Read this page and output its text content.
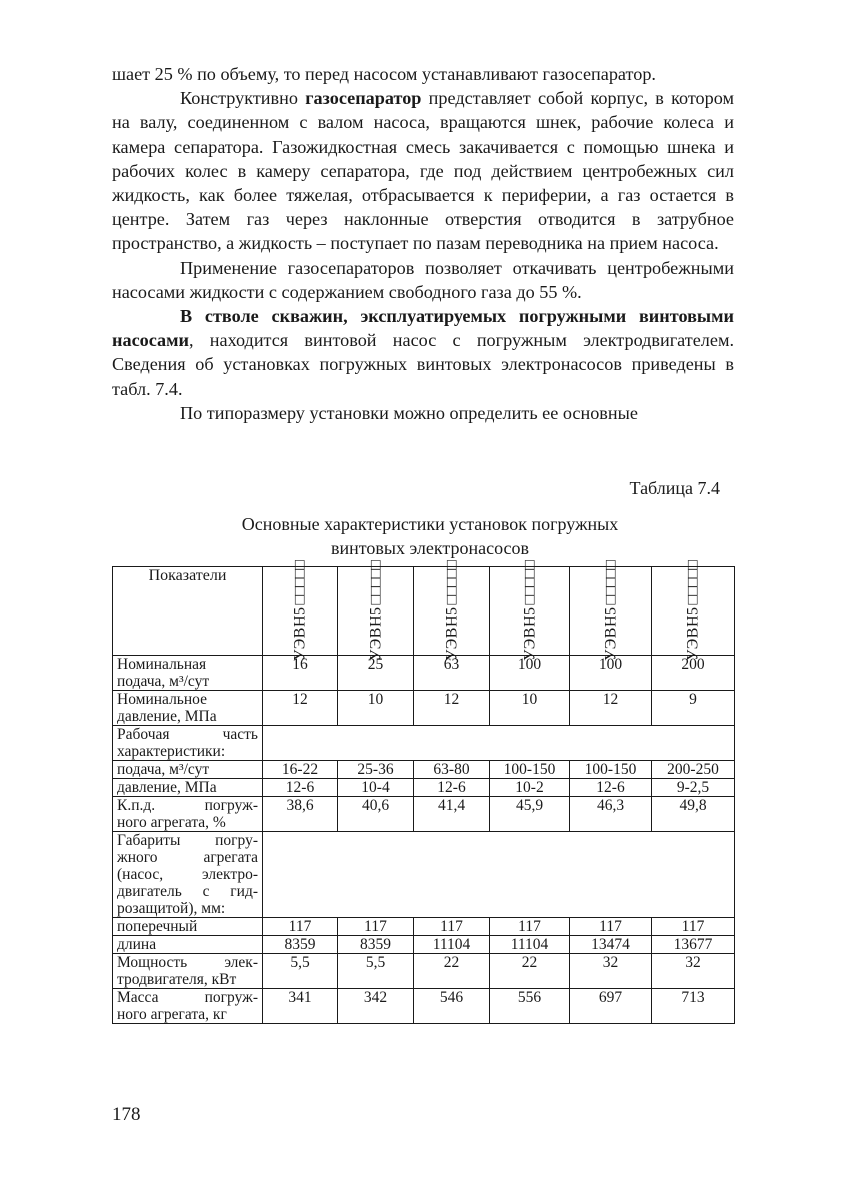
шает 25 % по объему, то перед насосом устанавливают газосепаратор.

Конструктивно газосепаратор представляет собой корпус, в котором на валу, соединенном с валом насоса, вращаются шнек, рабочие колеса и камера сепаратора. Газожидкостная смесь закачивается с помощью шнека и рабочих колес в камеру сепаратора, где под действием центробежных сил жидкость, как более тяжелая, отбрасывается к периферии, а газ остается в центре. Затем газ через наклонные отверстия отводится в затрубное пространство, а жидкость – поступает по пазам переводника на прием насоса.

Применение газосепараторов позволяет откачивать центробежными насосами жидкости с содержанием свободного газа до 55 %.

В стволе скважин, эксплуатируемых погружными винтовыми насосами, находится винтовой насос с погружным электродвигателем. Сведения об установках погружных винтовых электронасосов приведены в табл. 7.4.

По типоразмеру установки можно определить ее основные

Таблица 7.4
Основные характеристики установок погружных
винтовых электронасосов
Показатели	УЭВН5□□□□□	УЭВН5□□□□□	УЭВН5□□□□□	УЭВН5□□□□□	УЭВН5□□□□□	УЭВН5□□□□□

Номинальная
подача, м³/сут	16	25	63	100	100	200

Номинальное
давление, МПа	12	10	12	10	12	9

Рабочая часть
характеристики:						

подача, м³/сут	16-22	25-36	63-80	100-150	100-150	200-250

давление, МПа	12-6	10-4	12-6	10-2	12-6	9-2,5

К.п.д. погруж-
ного агрегата, %	38,6	40,6	41,4	45,9	46,3	49,8

Габариты погру-
жного агрегата
(насос, электро-
двигатель с гид-
розащитой), мм:						

поперечный	117	117	117	117	117	117

длина	8359	8359	11104	11104	13474	13677

Мощность элек-
тродвигателя, кВт	5,5	5,5	22	22	32	32

Масса погруж-
ного агрегата, кг	341	342	546	556	697	713
178
